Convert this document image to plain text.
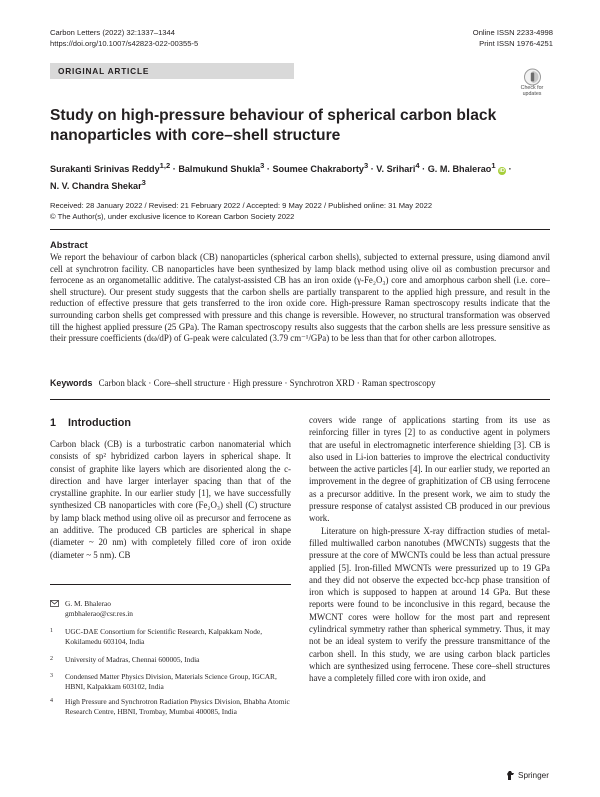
Carbon Letters (2022) 32:1337–1344
https://doi.org/10.1007/s42823-022-00355-5
Online ISSN 2233-4998
Print ISSN 1976-4251
ORIGINAL ARTICLE
Check for
updates
Study on high-pressure behaviour of spherical carbon black
nanoparticles with core–shell structure
Surakanti Srinivas Reddy$^{1,2}$ · Balmukund Shukla$^3$ · Soumee Chakraborty$^3$ · V. Srihari$^4$ · G. M. Bhalerao$^1$ iD ·
N. V. Chandra Shekar$^3$
Received: 28 January 2022 / Revised: 21 February 2022 / Accepted: 9 May 2022 / Published online: 31 May 2022
© The Author(s), under exclusive licence to Korean Carbon Society 2022
Abstract
We report the behaviour of carbon black (CB) nanoparticles (spherical carbon shells), subjected to external pressure, using diamond anvil cell at synchrotron facility. CB nanoparticles have been synthesized by lamp black method using olive oil as combustion precursor and ferrocene as an organometallic additive. The catalyst-assisted CB has an iron oxide (γ-Fe₂O₃) core and amorphous carbon shell (i.e. core–shell structure). Our present study suggests that the carbon shells are partially transparent to the applied high pressure, and result in the reduction of effective pressure that gets transferred to the iron oxide core. High-pressure Raman spectroscopy results indicate that the surrounding carbon shells get compressed with pressure and this change is reversible. However, no structural transformation was observed till the highest applied pressure (25 GPa). The Raman spectroscopy results also suggests that the carbon shells are less pressure sensitive as their pressure coefficients (dω/dP) of G-peak were calculated (3.79 cm⁻¹/GPa) to be less than that for other carbon allotropes.
Keywords Carbon black · Core–shell structure · High pressure · Synchrotron XRD · Raman spectroscopy
1 Introduction

Carbon black (CB) is a turbostratic carbon nanomaterial which consists of sp² hybridized carbon layers in spherical shape. It consist of graphite like layers which are disoriented along the c-direction and have larger interlayer spacing than that of the crystalline graphite. In our earlier study [1], we have successfully synthesized CB nanoparticles with core (Fe₂O₃) shell (C) structure by lamp black method using olive oil as precursor and ferrocene as an additive. The produced CB particles are spherical in shape (diameter ~ 20 nm) with completely filled core of iron oxide (diameter ~ 5 nm). CB

covers wide range of applications starting from its use as reinforcing filler in tyres [2] to as conductive agent in polymers that are useful in electromagnetic interference shielding [3]. CB is also used in Li-ion batteries to improve the electrical conductivity between the active particles [4]. In our earlier study, we reported an improvement in the degree of graphitization of CB using ferrocene as a precursor additive. In the present work, we aim to study the pressure response of catalyst assisted CB produced in our previous work.

Literature on high-pressure X-ray diffraction studies of metal-filled multiwalled carbon nanotubes (MWCNTs) suggests that the pressure at the core of MWCNTs could be less than actual pressure applied [5]. Iron-filled MWCNTs were pressurized up to 19 GPa and they did not observe the expected bcc-hcp phase transition of iron which is supposed to happen at around 14 GPa. But these reports were found to be inconclusive in this regard, because the MWCNT cores were hollow for the most part and represent cylindrical symmetry rather than spherical symmetry. Thus, it may not be an ideal system to verify the pressure transmittance of the carbon shell. In this study, we are using carbon black particles which are synthesized using ferrocene. These core–shell structures have a completely filled core with iron oxide, and

G. M. Bhalerao
gmbhalerao@csr.res.in
1 UGC-DAE Consortium for Scientific Research, Kalpakkam Node, Kokilamedu 603104, India
2 University of Madras, Chennai 600005, India
3 Condensed Matter Physics Division, Materials Science Group, IGCAR, HBNI, Kalpakkam 603102, India
4 High Pressure and Synchrotron Radiation Physics Division, Bhabha Atomic Research Centre, HBNI, Trombay, Mumbai 400085, India
Springer
